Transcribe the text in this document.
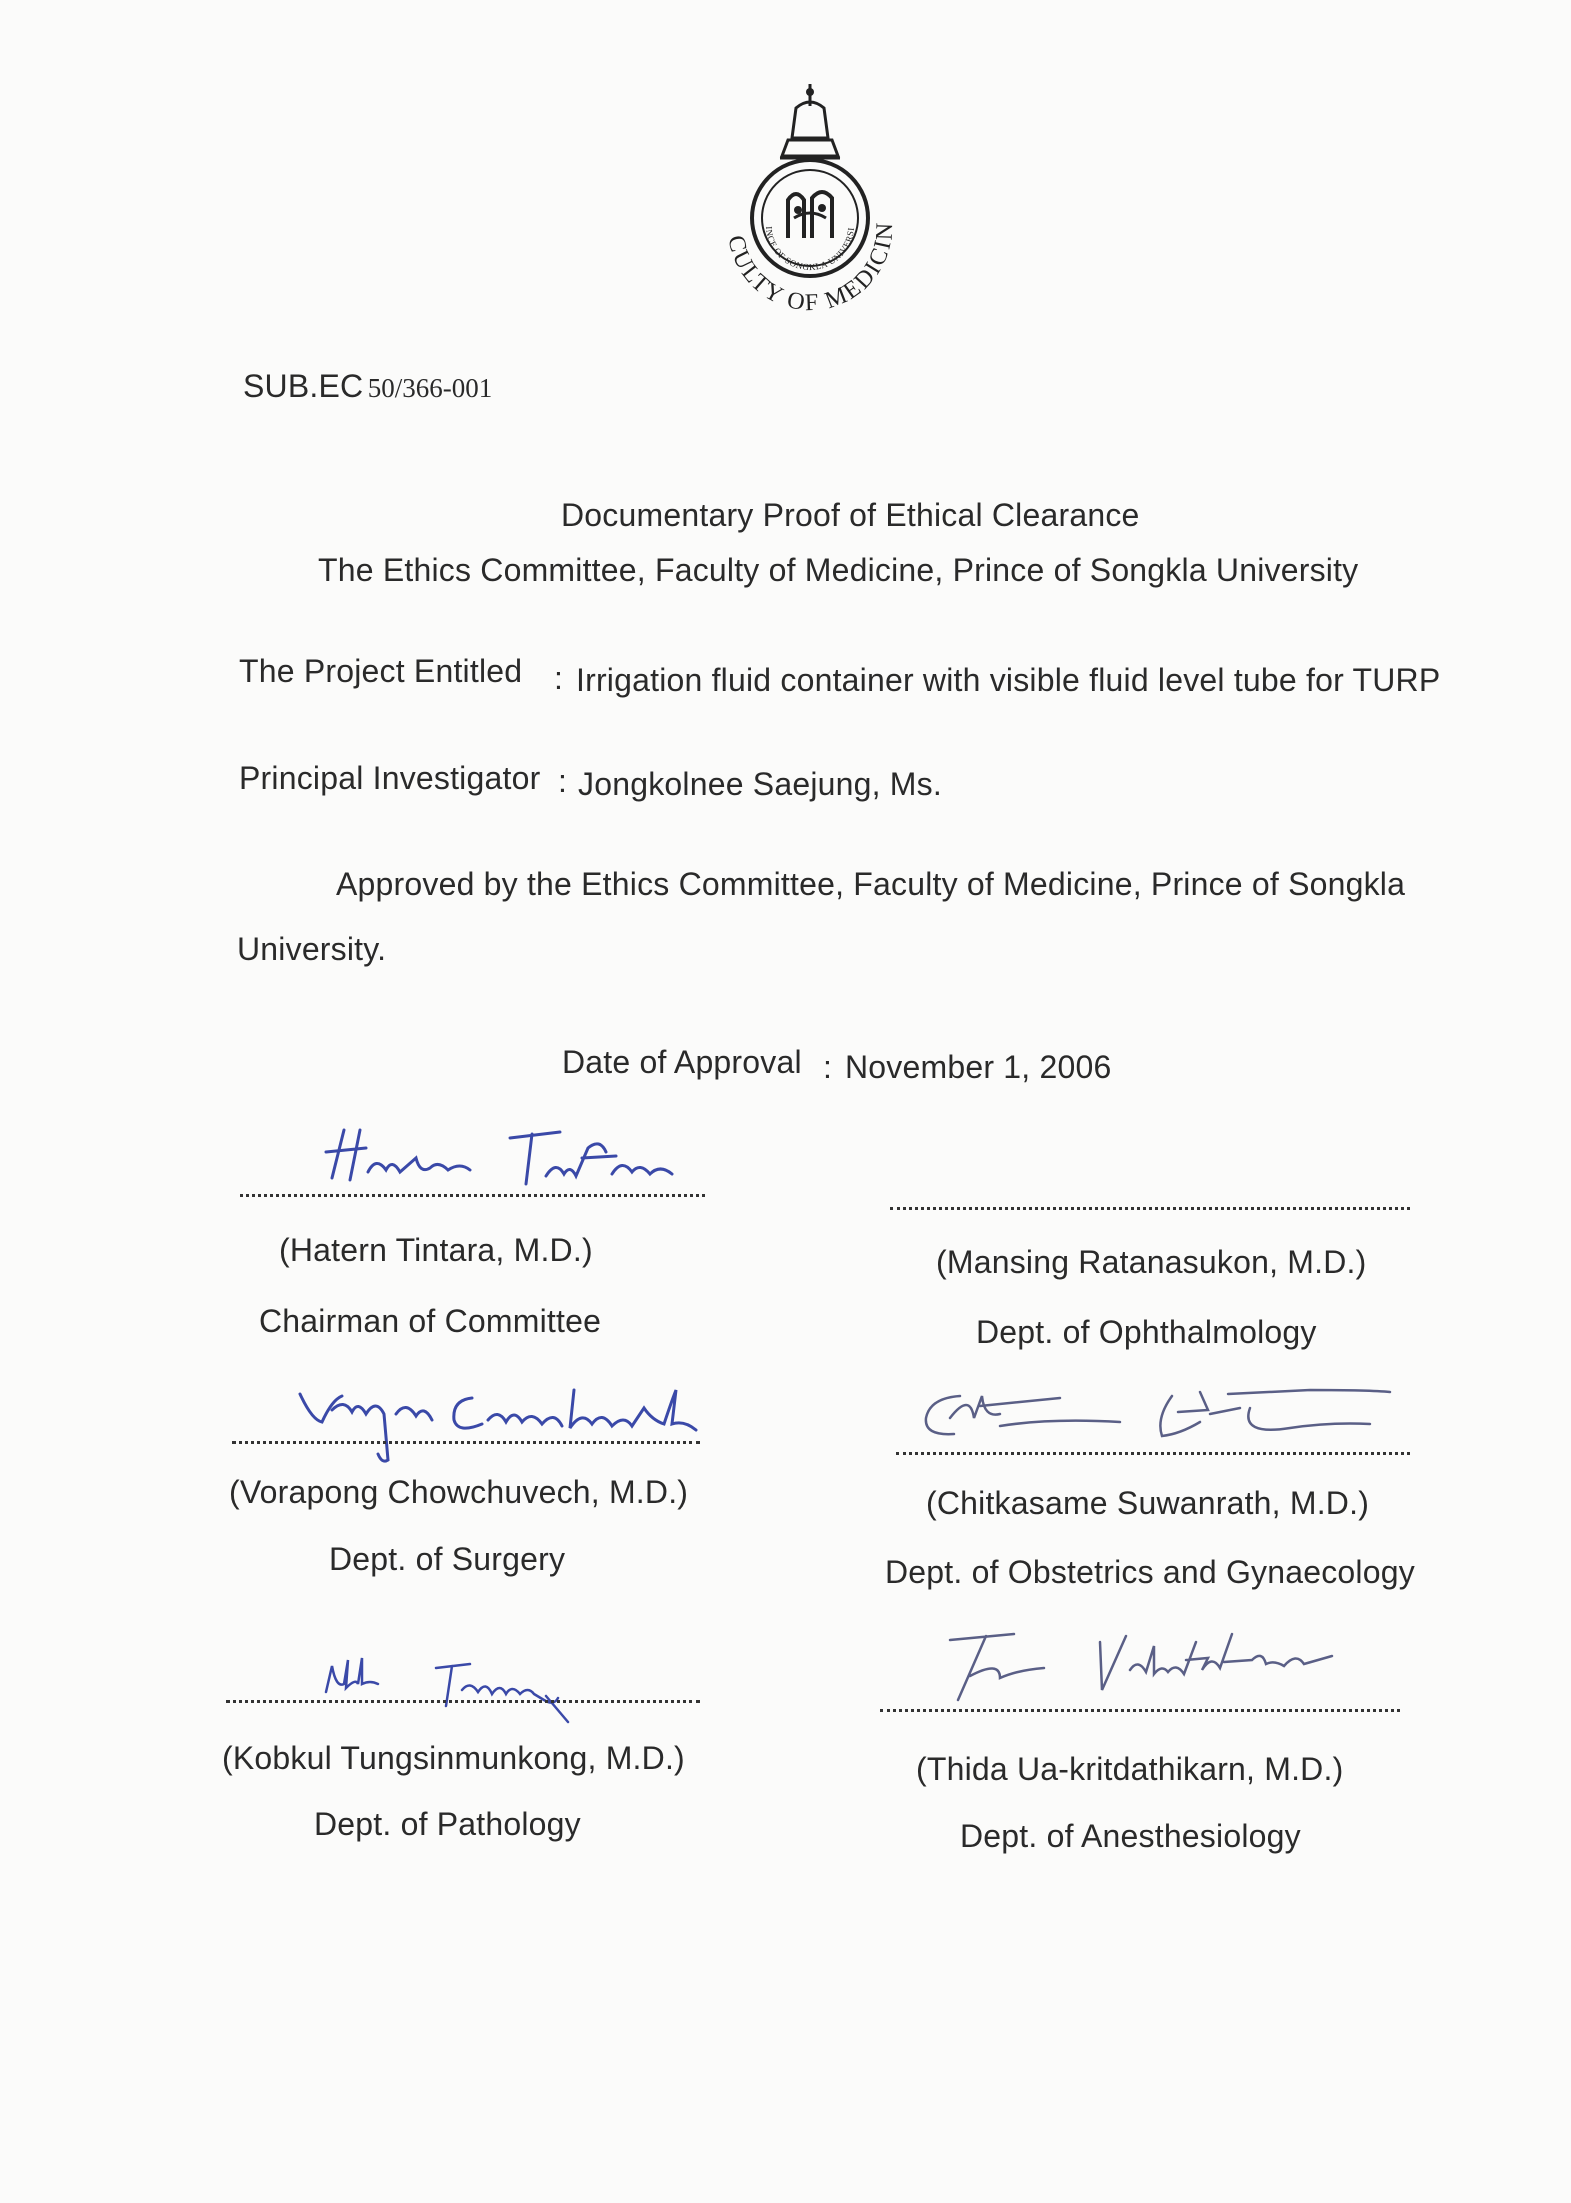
CULTY OF MEDICIN
INCE OF SONGKLA UNIVERSI
SUB.EC 50/366-001
Documentary Proof of Ethical Clearance
The Ethics Committee, Faculty of Medicine, Prince of Songkla University
The Project Entitled : Irrigation fluid container with visible fluid level tube for TURP
Principal Investigator : Jongkolnee Saejung, Ms.
Approved by the Ethics Committee, Faculty of Medicine, Prince of Songkla
University.
Date of Approval : November 1, 2006
(Hatern Tintara, M.D.)
Chairman of Committee
(Mansing Ratanasukon, M.D.)
Dept. of Ophthalmology
(Vorapong Chowchuvech, M.D.)
Dept. of Surgery
(Chitkasame Suwanrath, M.D.)
Dept. of Obstetrics and Gynaecology
(Kobkul Tungsinmunkong, M.D.)
Dept. of Pathology
(Thida Ua-kritdathikarn, M.D.)
Dept. of Anesthesiology
